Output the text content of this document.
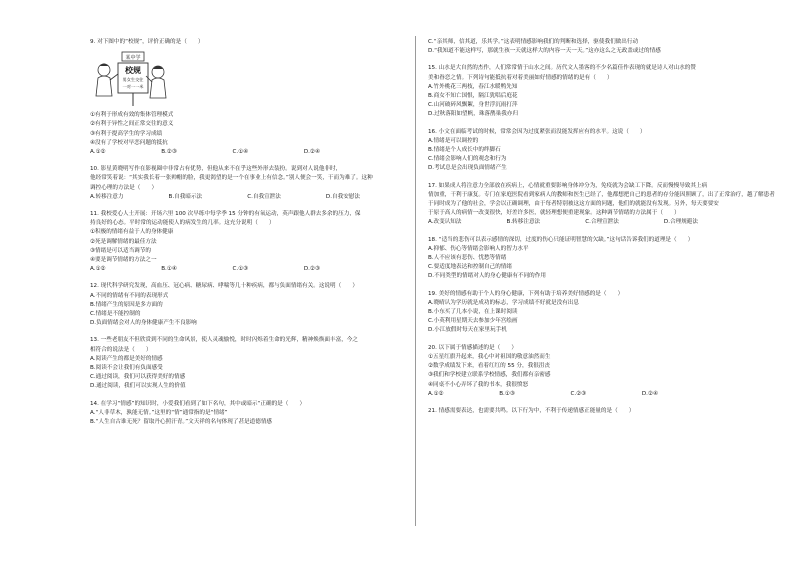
9. 对下图中的“校规”，评价正确的是（　　）
某中学
校规
男女生交往
一对一一米
①有利于形成有效的集体管理模式
②有利于异性之间正常交往的意义
③有利于提高学生的学习成绩
④没有了学校对早恋问题的抵抗
A.①②	B.②③	C.①④	D.②④
10. 影星黄晓明写作在影视圈中非常占有优势，但他从来不在乎这些外形去装扮。说到对人说他非时，
他经常笑着说：“其实我长着一张帅帽的脸，我更渴望的是一个在事业上有信念。”别人便会一笑，干而为难了。这种
调控心理的方法是（　　）
A.转移注意力	B.自我暗示法	C.自我宣泄法	D.自我安慰法
11. 我校爱心人士开展：开场六里 100 次早练中每学季 15 分钟的有氧运动，英声跟他人群去多余的压力，保
持良好的心态。平时常的运动能使人的病发生的几率。这充分说明（　　）
①积极的情绪有益于人的身体健康
②死是调解情绪的最佳方法
③情绪是可以适当调节的
④要是调节情绪的方法之一
A.①②	B.①④	C.①③	D.②③
12. 现代科学研究发现，高血压、冠心病、糖尿病、哮喘等几十种疾病，都与负面情绪有关。这说明（　　）
A.不同的情绪有不同的表现形式
B.情绪产生的原因是多方面的
C.情绪是不能控制的
D.负面情绪会对人的身体健康产生不良影响
13. 一些老朋友不但欣赏到不同的生命风景，使人灵魂愉悦，时时闪烁着生命的光辉，精神焕焕面丰富，今之
相符合的说法是（　　）
A.阅读产生的都是美好的情感
B.阅读不会让我们有负面感受
C.通过阅读，我们可以获得美好的情感
D.通过阅读，我们可以实现人生的价值
14. 在学习“情感”的知识时，小爱我们看到了如下名句，其中或暗示“正确的是（　　）
A.“人非草木，孰能无情。”这里的“情”通常指的是“情绪”
B.“人生自古谁无死？留取丹心照汗青。”文天祥的名句体现了甚是道德情感
C.“亲其师，信其道，乐其学。”这表明情感影响我们的判断和选择，驱使我们做出行动
D.“我知道不能这样写，那就生孩一天就这样大的内容一天一天。”这亦这么之无政盖或过的情感
15. 山水是大自然的杰作，人们常常情于山水之间。历代文人墨客的不少名篇佳作表现的就是诗人对山水的赞
美和眷恋之情。下列诗句能抵抗着对着美丽如好情感的情绪的是有（　　）
A.竹外桃花三两枝，春江水暖鸭先知
B.商女不知亡国恨，隔江犹唱后庭花
C.山河破碎风飘絮，身世浮沉雨打萍
D.过秋落阳如望帆，珠落鹊巢我亦归
16. 小文在面临考试的时候，常常会因为过度紧张而没能发挥应有的水平。这说（　　）
A.情绪是可以调控的
B.情绪是个人成长中的绊脚石
C.情绪会影响人们的观念和行为
D.考试总是会出现负面情绪产生
17. 如果成人将注意力全部放在疾病上，心情就重要影响身体冲分为，免疫就为会缺工下降。反而慢慢导致其上病
情加重，干利于康复。专门在家庭医院看到家病人的教师和医生已经了，他都想把自己的患者的存分能因照顾了，出了正常治疗，越了解患者
于同时成为了他的社会，学会以正确调理，由于每者特别被这这方面的问题，他们的就能没有发现。另外，每天要要安
于原于高人的病情一改变很快，好差许多医，就轻理想便重建现象。这种调节情绪的方法属于（　　）
A.改变认知法	B.转移注意法	C.合理宣泄法	D.合理规避法
18. “适当的悲伤可以表示感情的深切，过度的伤心只能证明智慧的欠缺。”这句话告诉我们的道理是（　　）
A.抑郁、伤心等情绪会影响人的智力水平
B.人不应该有悲伤、忧愁等情绪
C.要适度地表达和控制自己的情绪
D.不同类型的情绪对人的身心健康有不同的作用
19. 美好的情感有助于个人的身心健康，下列有助于培养美好情感的是（　　）
A.晓晴认为学历就是成功的标志，学习成绩不好就是没有出息
B.小东买了几本小说，在上课时阅读
C.小英利用星期天去参加少年宫绘画
D.小江放假时每天在家里玩手机
20. 以下属于情感描述的是（　　）
①五星红旗升起来，我心中对祖国的敬意油然而生
②数学成绩发下来，看着红红的 55 分，我很沮丧
③我们和学校建立联系学校情感，我们都有亲密感
④同桌不小心弄坏了我的书本，我很愤怒
A.①②	B.①③	C.②③	D.②④
21. 情感需要表达，也需要共鸣。以下行为中，不利于传递情感正能量的是（　　）
